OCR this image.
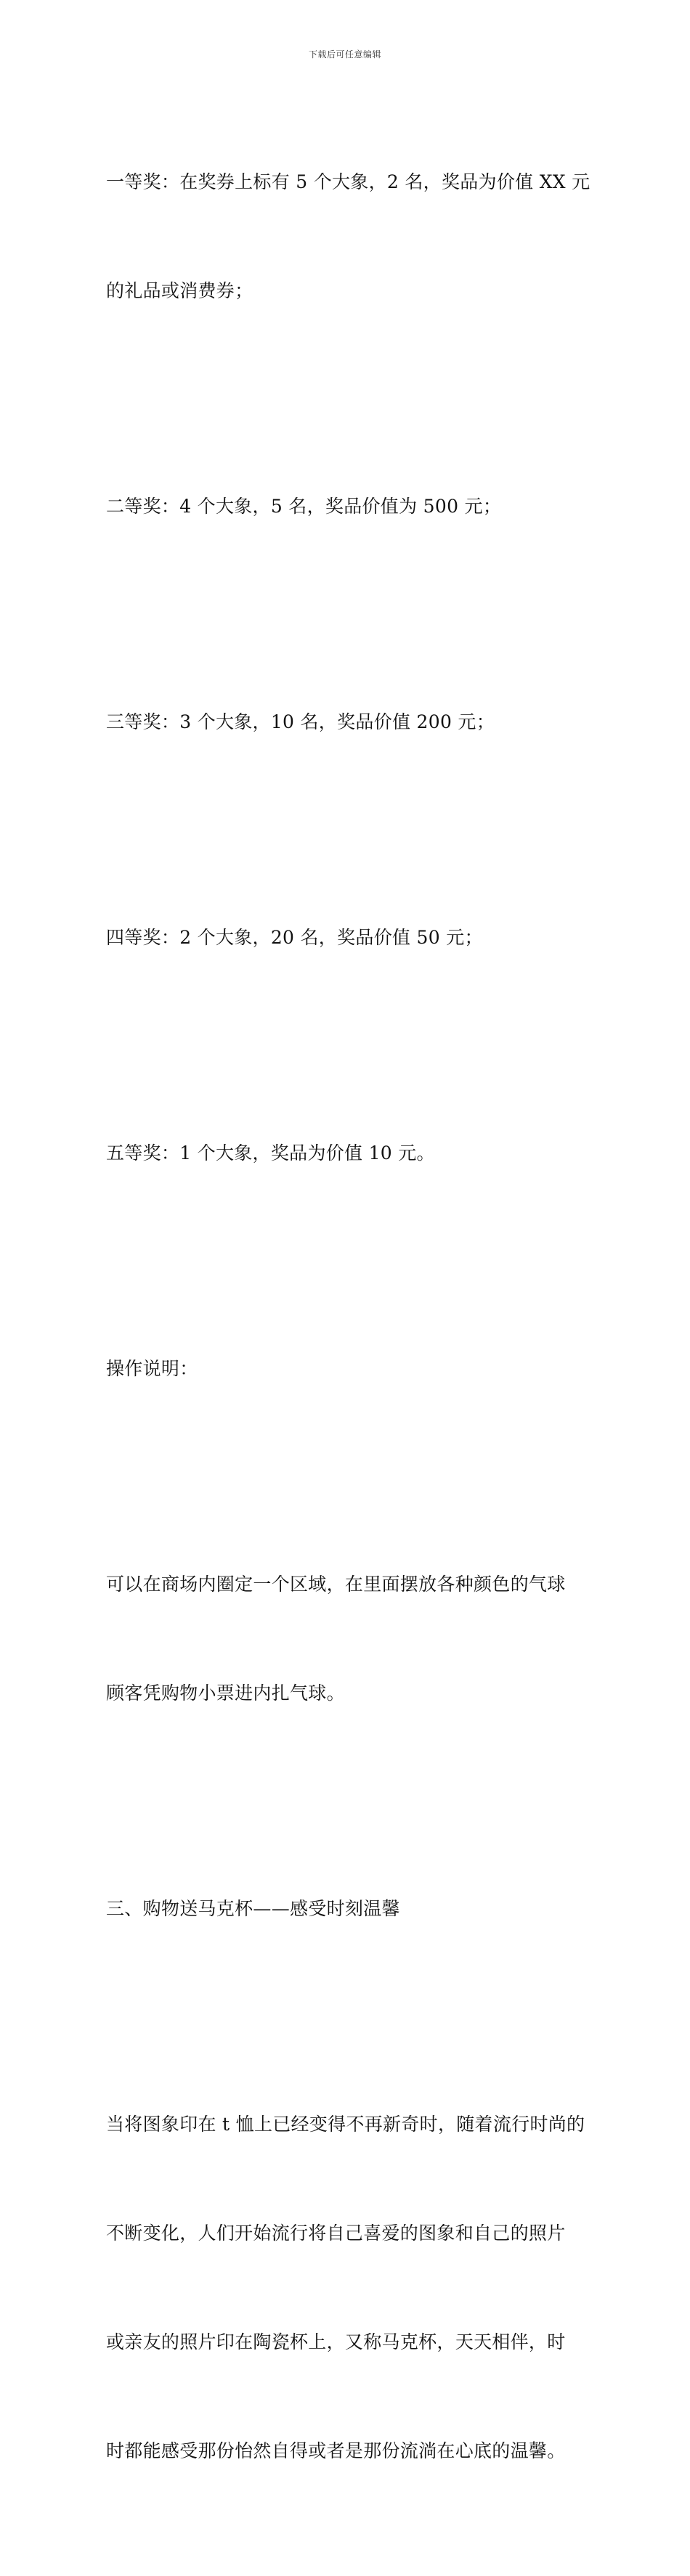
下载后可任意编辑

一等奖：在奖券上标有 5 个大象，2 名，奖品为价值 XX 元

的礼品或消费券；

二等奖：4 个大象，5 名，奖品价值为 500 元；

三等奖：3 个大象，10 名，奖品价值 200 元；

四等奖：2 个大象，20 名，奖品价值 50 元；

五等奖：1 个大象，奖品为价值 10 元。

操作说明：

可以在商场内圈定一个区域，在里面摆放各种颜色的气球

顾客凭购物小票进内扎气球。

三、购物送马克杯——感受时刻温馨

当将图象印在 t 恤上已经变得不再新奇时，随着流行时尚的

不断变化，人们开始流行将自己喜爱的图象和自己的照片

或亲友的照片印在陶瓷杯上，又称马克杯，天天相伴，时

时都能感受那份怡然自得或者是那份流淌在心底的温馨。
